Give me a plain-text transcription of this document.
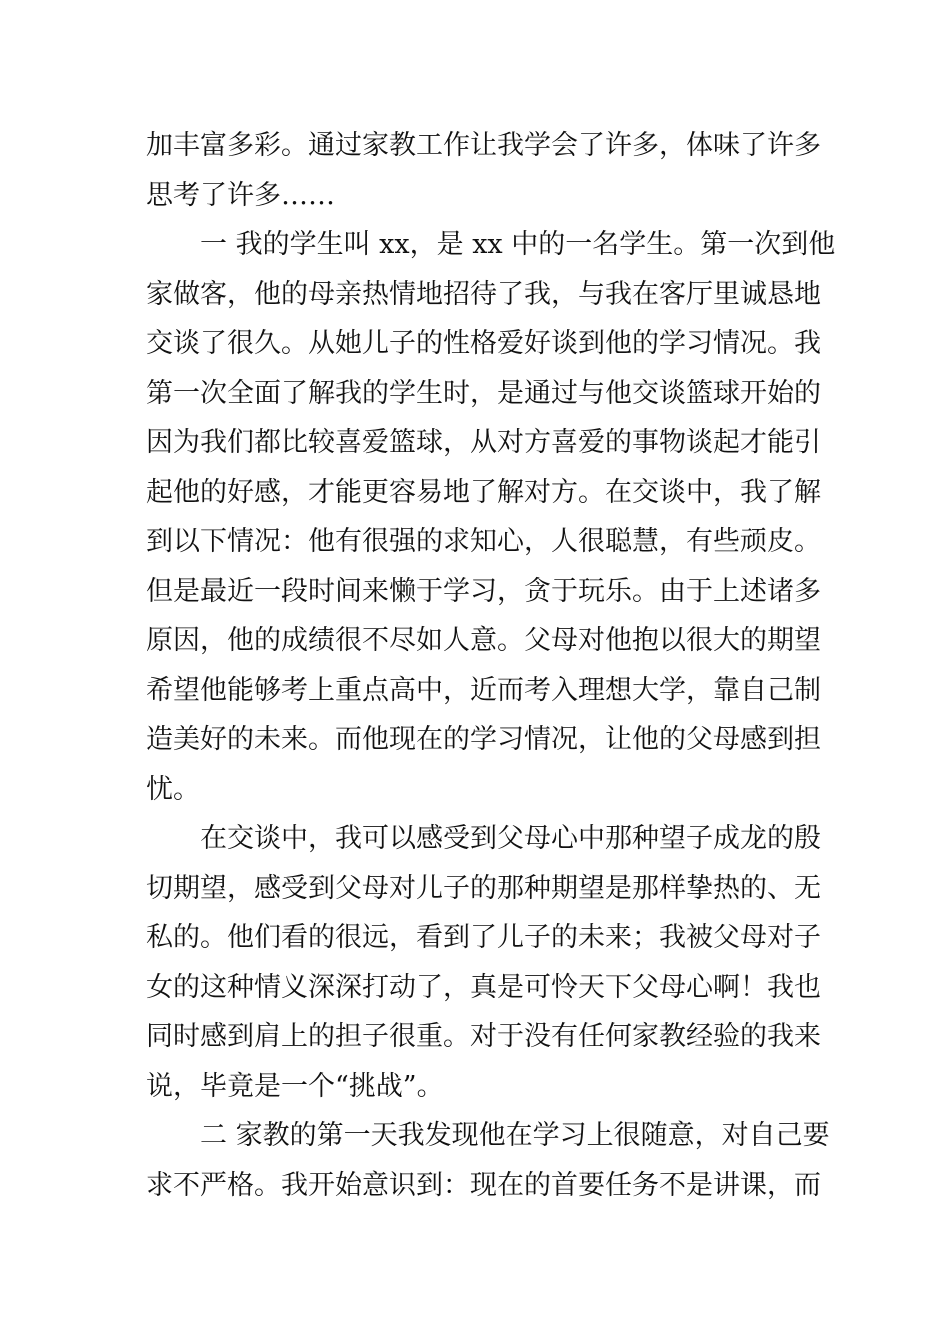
加丰富多彩。通过家教工作让我学会了许多，体味了许多
思考了许多……
一 我的学生叫 xx，是 xx 中的一名学生。第一次到他
家做客，他的母亲热情地招待了我，与我在客厅里诚恳地
交谈了很久。从她儿子的性格爱好谈到他的学习情况。我
第一次全面了解我的学生时，是通过与他交谈篮球开始的
因为我们都比较喜爱篮球，从对方喜爱的事物谈起才能引
起他的好感，才能更容易地了解对方。在交谈中，我了解
到以下情况：他有很强的求知心，人很聪慧，有些顽皮。
但是最近一段时间来懒于学习，贪于玩乐。由于上述诸多
原因，他的成绩很不尽如人意。父母对他抱以很大的期望
希望他能够考上重点高中，近而考入理想大学，靠自己制
造美好的未来。而他现在的学习情况，让他的父母感到担
忧。
在交谈中，我可以感受到父母心中那种望子成龙的殷
切期望，感受到父母对儿子的那种期望是那样挚热的、无
私的。他们看的很远，看到了儿子的未来；我被父母对子
女的这种情义深深打动了，真是可怜天下父母心啊！我也
同时感到肩上的担子很重。对于没有任何家教经验的我来
说，毕竟是一个“挑战”。
二 家教的第一天我发现他在学习上很随意，对自己要
求不严格。我开始意识到：现在的首要任务不是讲课，而
